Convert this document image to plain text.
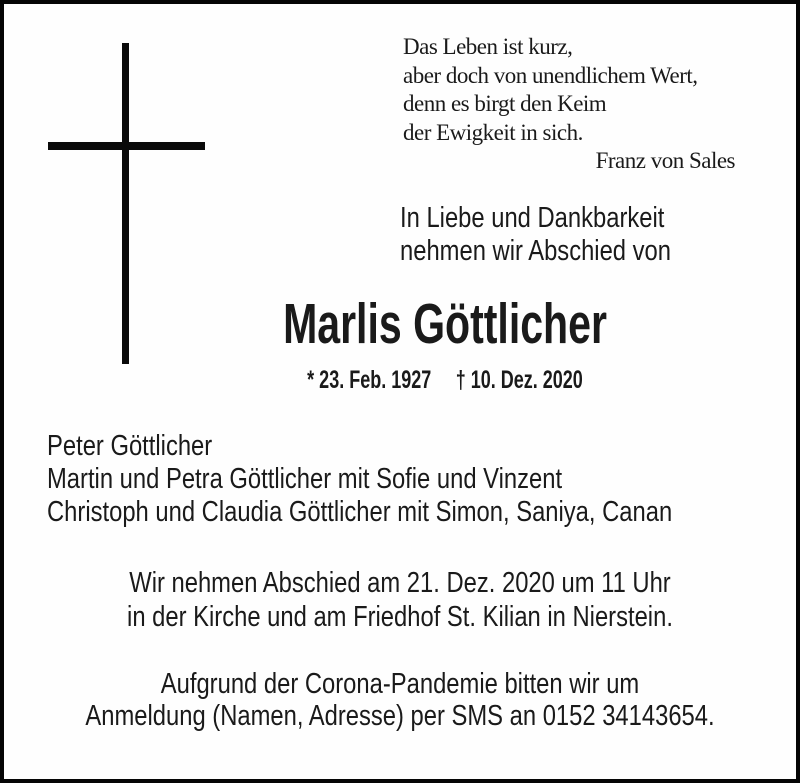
Das Leben ist kurz,
aber doch von unendlichem Wert,
denn es birgt den Keim
der Ewigkeit in sich.
Franz von Sales
In Liebe und Dankbarkeit
nehmen wir Abschied von
Marlis Göttlicher
* 23. Feb. 1927 † 10. Dez. 2020
Peter Göttlicher
Martin und Petra Göttlicher mit Sofie und Vinzent
Christoph und Claudia Göttlicher mit Simon, Saniya, Canan
Wir nehmen Abschied am 21. Dez. 2020 um 11 Uhr
in der Kirche und am Friedhof St. Kilian in Nierstein.
Aufgrund der Corona-Pandemie bitten wir um
Anmeldung (Namen, Adresse) per SMS an 0152 34143654.
